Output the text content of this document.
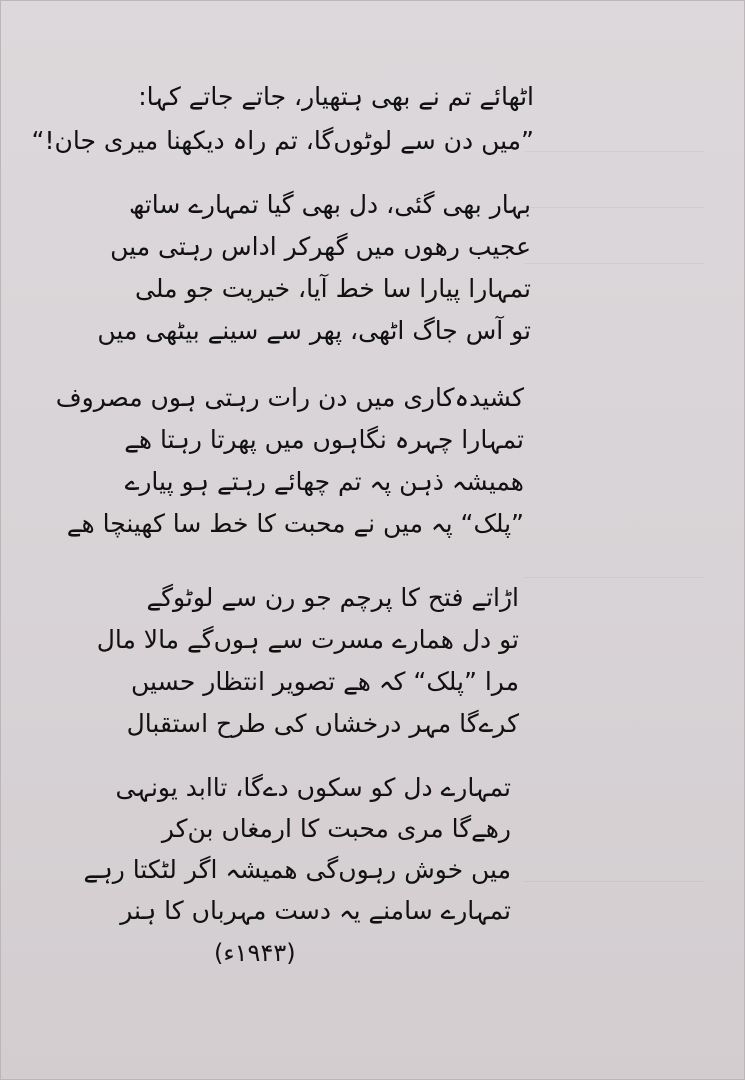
اٹھائے تم نے بھی ہتھیار، جاتے جاتے کہا:
”میں دن سے لوٹوں‌گا، تم راہ دیکھنا میری جان!“
بہار بھی گئی، دل بھی گیا تمہارے ساتھ
عجیب رھوں میں گھرکر اداس رہتی میں
تمہارا پیارا سا خط آیا، خیریت جو ملی
تو آس جاگ اٹھی، پھر سے سینے بیٹھی میں
کشیدہ‌کاری میں دن رات رہتی ہوں مصروف
تمہارا چہرہ نگاہوں میں پھرتا رہتا ھے
ھمیشہ ذہن پہ تم چھائے رہتے ہو پیارے
”پلک“ پہ میں نے محبت کا خط سا کھینچا ھے
اڑاتے فتح کا پرچم جو رن سے لوٹوگے
تو دل ھمارے مسرت سے ہوں‌گے مالا مال
مرا ”پلک“ کہ ھے تصویر انتظار حسیں
کرے‌گا مہر درخشاں کی طرح استقبال
تمہارے دل کو سکوں دے‌گا، تاابد یونہی
رھے‌گا مری محبت کا ارمغاں بن‌کر
میں خوش رہوں‌گی ھمیشہ اگر لٹکتا رہے
تمہارے سامنے یہ دست مہرباں کا ہنر
(۱۹۴۳ء)
